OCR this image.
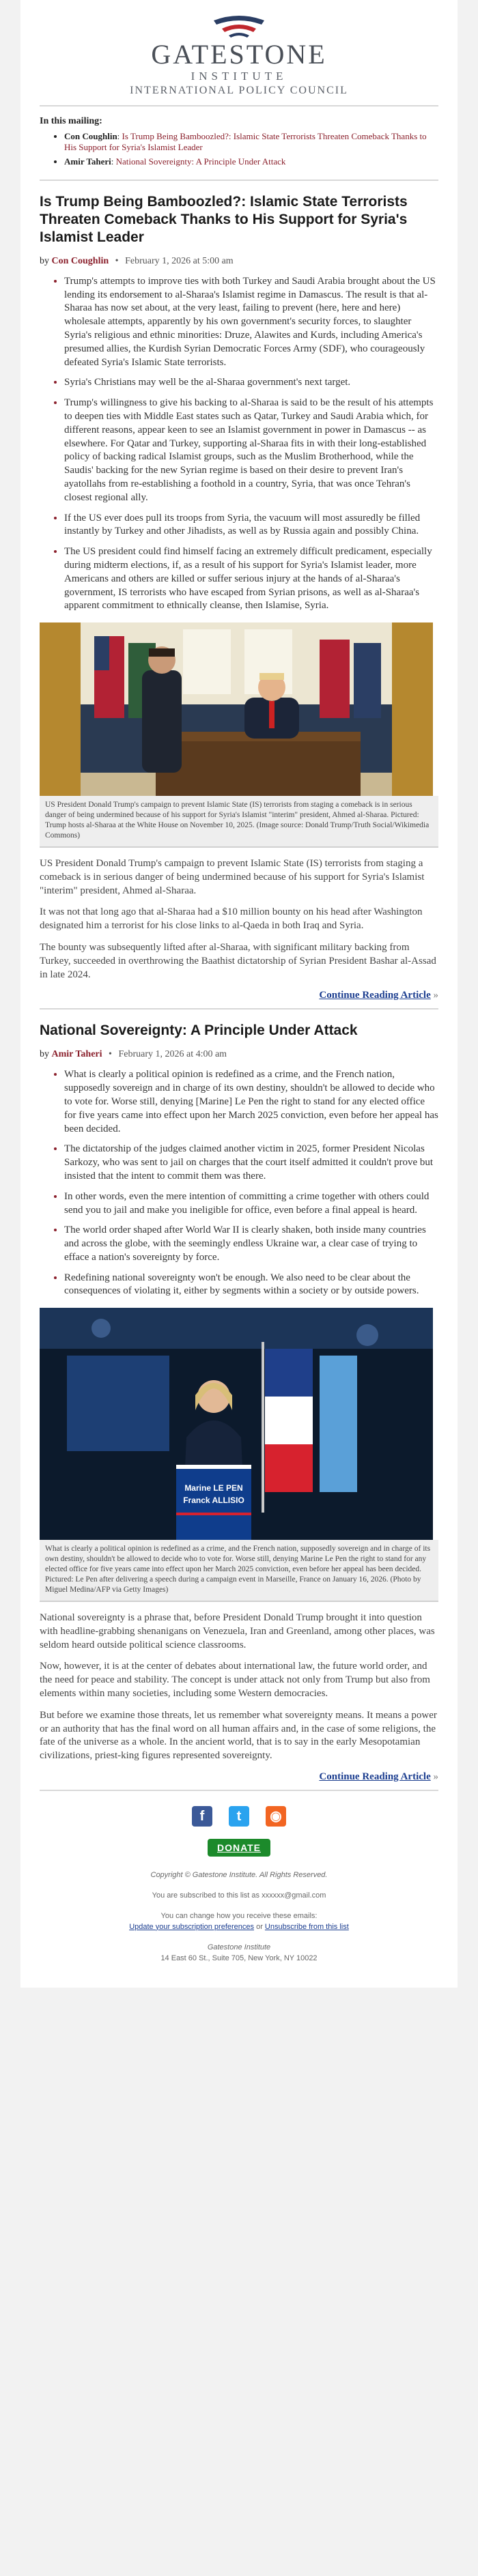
GATESTONE
INSTITUTE
INTERNATIONAL POLICY COUNCIL
In this mailing:
• Con Coughlin: Is Trump Being Bamboozled?: Islamic State Terrorists Threaten Comeback Thanks to His Support for Syria's Islamist Leader
• Amir Taheri: National Sovereignty: A Principle Under Attack
Is Trump Being Bamboozled?: Islamic State Terrorists Threaten Comeback Thanks to His Support for Syria's Islamist Leader
by Con Coughlin • February 1, 2026 at 5:00 am
• Trump's attempts to improve ties with both Turkey and Saudi Arabia brought about the US lending its endorsement to al-Sharaa's Islamist regime in Damascus. The result is that al-Sharaa has now set about, at the very least, failing to prevent (here, here and here) wholesale attempts, apparently by his own government's security forces, to slaughter Syria's religious and ethnic minorities: Druze, Alawites and Kurds, including America's presumed allies, the Kurdish Syrian Democratic Forces Army (SDF), who courageously defeated Syria's Islamic State terrorists.
• Syria's Christians may well be the al-Sharaa government's next target.
• Trump's willingness to give his backing to al-Sharaa is said to be the result of his attempts to deepen ties with Middle East states such as Qatar, Turkey and Saudi Arabia which, for different reasons, appear keen to see an Islamist government in power in Damascus -- as elsewhere. For Qatar and Turkey, supporting al-Sharaa fits in with their long-established policy of backing radical Islamist groups, such as the Muslim Brotherhood, while the Saudis' backing for the new Syrian regime is based on their desire to prevent Iran's ayatollahs from re-establishing a foothold in a country, Syria, that was once Tehran's closest regional ally.
• If the US ever does pull its troops from Syria, the vacuum will most assuredly be filled instantly by Turkey and other Jihadists, as well as by Russia again and possibly China.
• The US president could find himself facing an extremely difficult predicament, especially during midterm elections, if, as a result of his support for Syria's Islamist leader, more Americans and others are killed or suffer serious injury at the hands of al-Sharaa's government, IS terrorists who have escaped from Syrian prisons, as well as al-Sharaa's apparent commitment to ethnically cleanse, then Islamise, Syria.
US President Donald Trump's campaign to prevent Islamic State (IS) terrorists from staging a comeback is in serious danger of being undermined because of his support for Syria's Islamist "interim" president, Ahmed al-Sharaa. Pictured: Trump hosts al-Sharaa at the White House on November 10, 2025. (Image source: Donald Trump/Truth Social/Wikimedia Commons)

US President Donald Trump's campaign to prevent Islamic State (IS) terrorists from staging a comeback is in serious danger of being undermined because of his support for Syria's Islamist "interim" president, Ahmed al-Sharaa.

It was not that long ago that al-Sharaa had a $10 million bounty on his head after Washington designated him a terrorist for his close links to al-Qaeda in both Iraq and Syria.

The bounty was subsequently lifted after al-Sharaa, with significant military backing from Turkey, succeeded in overthrowing the Baathist dictatorship of Syrian President Bashar al-Assad in late 2024.

Continue Reading Article »
National Sovereignty: A Principle Under Attack
by Amir Taheri • February 1, 2026 at 4:00 am
• What is clearly a political opinion is redefined as a crime, and the French nation, supposedly sovereign and in charge of its own destiny, shouldn't be allowed to decide who to vote for. Worse still, denying [Marine] Le Pen the right to stand for any elected office for five years came into effect upon her March 2025 conviction, even before her appeal has been decided.
• The dictatorship of the judges claimed another victim in 2025, former President Nicolas Sarkozy, who was sent to jail on charges that the court itself admitted it couldn't prove but insisted that the intent to commit them was there.
• In other words, even the mere intention of committing a crime together with others could send you to jail and make you ineligible for office, even before a final appeal is heard.
• The world order shaped after World War II is clearly shaken, both inside many countries and across the globe, with the seemingly endless Ukraine war, a clear case of trying to efface a nation's sovereignty by force.
• Redefining national sovereignty won't be enough. We also need to be clear about the consequences of violating it, either by segments within a society or by outside powers.
Marine LE PEN
Franck ALLISIO
What is clearly a political opinion is redefined as a crime, and the French nation, supposedly sovereign and in charge of its own destiny, shouldn't be allowed to decide who to vote for. Worse still, denying Marine Le Pen the right to stand for any elected office for five years came into effect upon her March 2025 conviction, even before her appeal has been decided. Pictured: Le Pen after delivering a speech during a campaign event in Marseille, France on January 16, 2026. (Photo by Miguel Medina/AFP via Getty Images)

National sovereignty is a phrase that, before President Donald Trump brought it into question with headline-grabbing shenanigans on Venezuela, Iran and Greenland, among other places, was seldom heard outside political science classrooms.

Now, however, it is at the center of debates about international law, the future world order, and the need for peace and stability. The concept is under attack not only from Trump but also from elements within many societies, including some Western democracies.

But before we examine those threats, let us remember what sovereignty means. It means a power or an authority that has the final word on all human affairs and, in the case of some religions, the fate of the universe as a whole. In the ancient world, that is to say in the early Mesopotamian civilizations, priest-king figures represented sovereignty.

Continue Reading Article »
f t ◉
DONATE

Copyright © Gatestone Institute. All Rights Reserved.

You are subscribed to this list as xxxxxx@gmail.com

You can change how you receive these emails:
Update your subscription preferences or Unsubscribe from this list

Gatestone Institute
14 East 60 St., Suite 705, New York, NY 10022
